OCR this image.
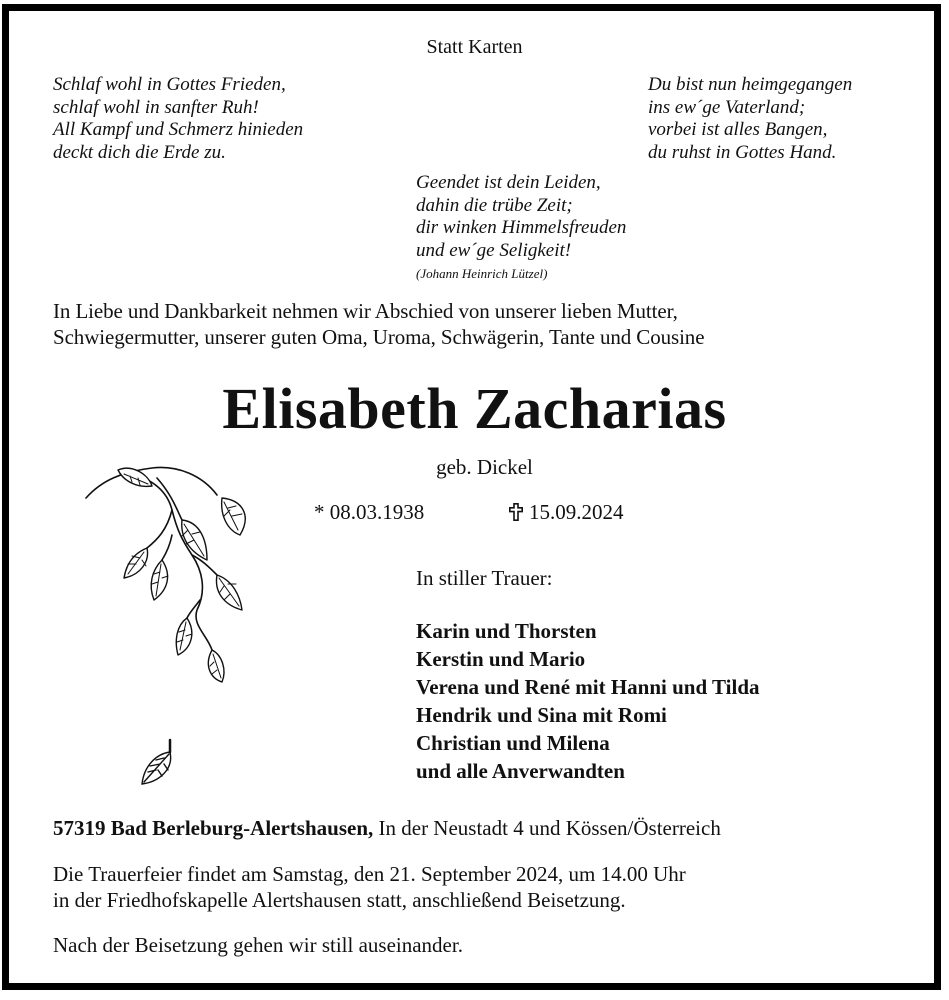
Statt Karten
Schlaf wohl in Gottes Frieden,
schlaf wohl in sanfter Ruh!
All Kampf und Schmerz hinieden
deckt dich die Erde zu.
Du bist nun heimgegangen
ins ew´ge Vaterland;
vorbei ist alles Bangen,
du ruhst in Gottes Hand.
Geendet ist dein Leiden,
dahin die trübe Zeit;
dir winken Himmelsfreuden
und ew´ge Seligkeit!
(Johann Heinrich Lützel)
In Liebe und Dankbarkeit nehmen wir Abschied von unserer lieben Mutter,
Schwiegermutter, unserer guten Oma, Uroma, Schwägerin, Tante und Cousine
Elisabeth Zacharias
geb. Dickel
* 08.03.1938	15.09.2024
In stiller Trauer:
Karin und Thorsten
Kerstin und Mario
Verena und René mit Hanni und Tilda
Hendrik und Sina mit Romi
Christian und Milena
und alle Anverwandten
57319 Bad Berleburg-Alertshausen, In der Neustadt 4 und Kössen/Österreich
Die Trauerfeier findet am Samstag, den 21. September 2024, um 14.00 Uhr
in der Friedhofskapelle Alertshausen statt, anschließend Beisetzung.
Nach der Beisetzung gehen wir still auseinander.
